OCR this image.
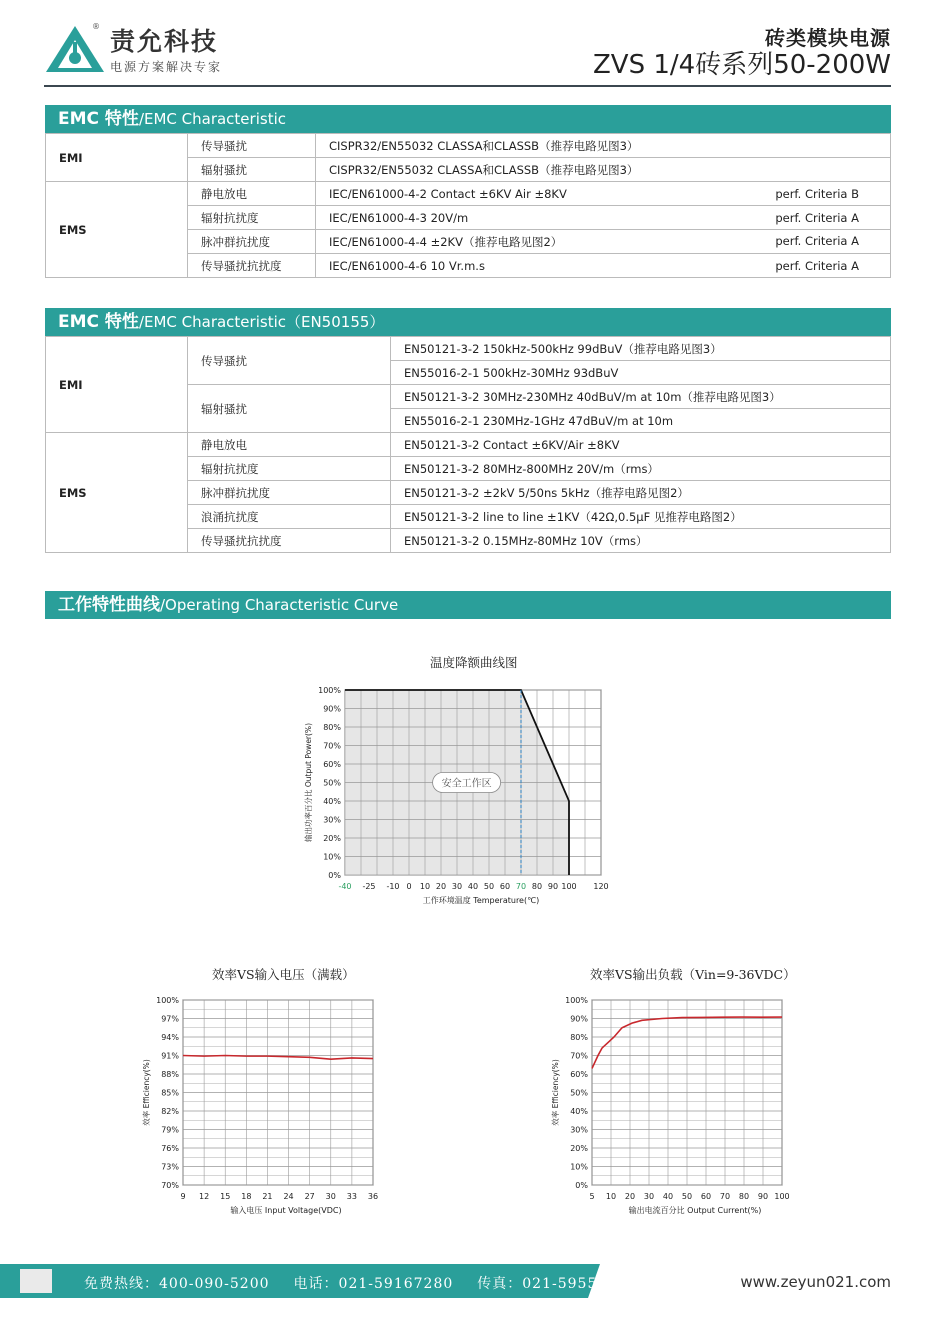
®
责允科技
电源方案解决专家
砖类模块电源
ZVS 1/4砖系列50-200W
EMC 特性/EMC Characteristic
EMI	传导骚扰	CISPR32/EN55032 CLASSA和CLASSB（推荐电路见图3）
	辐射骚扰	CISPR32/EN55032 CLASSA和CLASSB（推荐电路见图3）
EMS	静电放电	IEC/EN61000-4-2 Contact ±6KV Air ±8KV perf. Criteria B

	辐射抗扰度	IEC/EN61000-4-3 20V/m perf. Criteria A

	脉冲群抗扰度	IEC/EN61000-4-4 ±2KV（推荐电路见图2） perf. Criteria A

	传导骚扰抗扰度	IEC/EN61000-4-6 10 Vr.m.s perf. Criteria A
EMC 特性/EMC Characteristic（EN50155）
EMI	传导骚扰	EN50121-3-2 150kHz-500kHz 99dBuV（推荐电路见图3）
		EN55016-2-1 500kHz-30MHz 93dBuV
	辐射骚扰	EN50121-3-2 30MHz-230MHz 40dBuV/m at 10m（推荐电路见图3）
		EN55016-2-1 230MHz-1GHz 47dBuV/m at 10m
EMS	静电放电	EN50121-3-2 Contact ±6KV/Air ±8KV
	辐射抗扰度	EN50121-3-2 80MHz-800MHz 20V/m（rms）
	脉冲群抗扰度	EN50121-3-2 ±2kV 5/50ns 5kHz（推荐电路见图2）
	浪涌抗扰度	EN50121-3-2 line to line ±1KV（42Ω,0.5μF 见推荐电路图2）
	传导骚扰抗扰度	EN50121-3-2 0.15MHz-80MHz 10V（rms）
工作特性曲线/Operating Characteristic Curve
温度降额曲线图
0%
10%
20%
30%
40%
50%
60%
70%
80%
90%
100%
-40 -25 -10 0 10 20 30 40 50 60 70 80 90 100 120
安全工作区
工作环境温度 Temperature(℃)
输出功率百分比 Output Power(%)
效率VS输入电压（满载）
70%
73%
76%
79%
82%
85%
88%
91%
94%
97%
100%
9 12 15 18 21 24 27 30 33 36
输入电压 Input Voltage(VDC)
效率 Efficiency(%)
效率VS输出负载（Vin=9-36VDC）
0%
10%
20%
30%
40%
50%
60%
70%
80%
90%
100%
5 10 20 30 40 50 60 70 80 90 100
输出电流百分比 Output Current(%)
效率 Efficiency(%)
免费热线：400-090-5200 电话：021-59167280 传真：021-59553702	www.zeyun021.com
